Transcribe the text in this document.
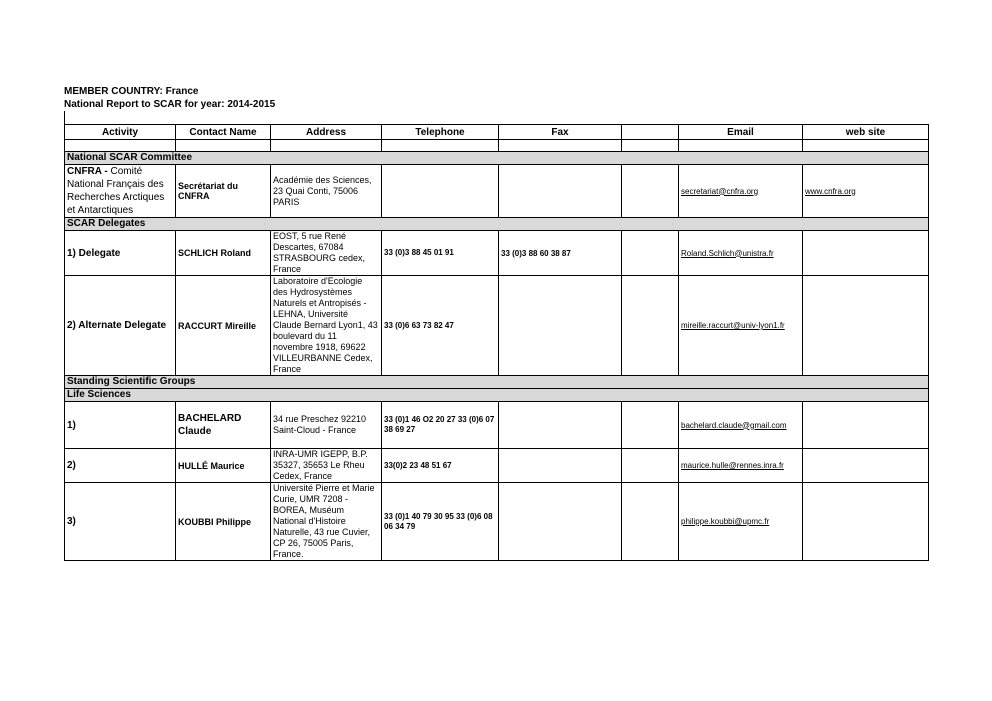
MEMBER COUNTRY: France
National Report to SCAR for year: 2014-2015
Activity	Contact Name	Address	Telephone	Fax		Email	web site

National SCAR Committee							
CNFRA - Comité National Français des Recherches Arctiques et Antarctiques	Secrétariat du CNFRA	Académie des Sciences, 23 Quai Conti, 75006 PARIS				secretariat@cnfra.org	www.cnfra.org
SCAR Delegates							
1) Delegate	SCHLICH Roland	EOST, 5 rue René Descartes, 67084 STRASBOURG cedex, France	33 (0)3 88 45 01 91	33 (0)3 88 60 38 87		Roland.Schlich@unistra.fr	
2) Alternate Delegate	RACCURT Mireille	Laboratoire d'Ecologie des Hydrosystèmes Naturels et Antropisés - LEHNA, Université Claude Bernard Lyon1, 43 boulevard du 11 novembre 1918, 69622 VILLEURBANNE Cedex, France	33 (0)6 63 73 82 47			mireille.raccurt@univ-lyon1.fr	
Standing Scientific Groups							
Life Sciences							
1)	BACHELARD Claude	34 rue Preschez 92210 Saint-Cloud - France	33 (0)1 46 O2 20 27 33 (0)6 07 38 69 27			bachelard.claude@gmail.com	
2)	HULLÉ Maurice	INRA-UMR IGEPP, B.P. 35327, 35653 Le Rheu Cedex, France	33(0)2 23 48 51 67			maurice.hulle@rennes.inra.fr	
3)	KOUBBI Philippe	Université Pierre et Marie Curie, UMR 7208 - BOREA, Muséum National d'Histoire Naturelle, 43 rue Cuvier, CP 26, 75005 Paris, France.	33 (0)1 40 79 30 95 33 (0)6 08 06 34 79			philippe.koubbi@upmc.fr	
